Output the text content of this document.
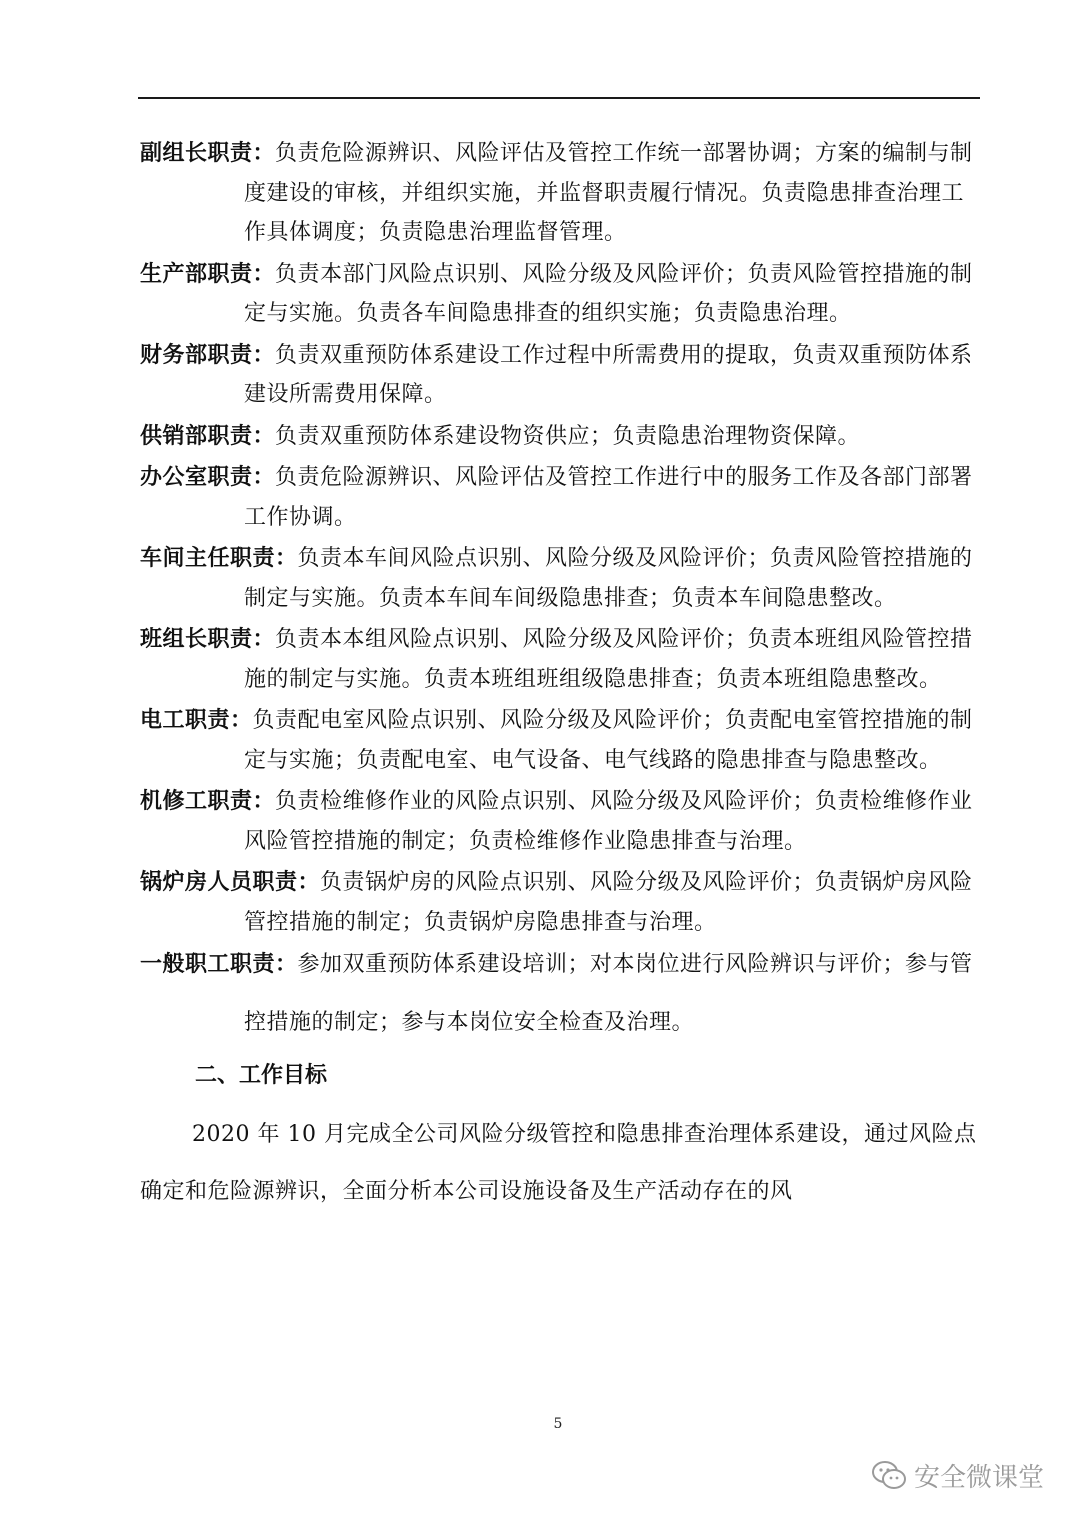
副组长职责：负责危险源辨识、风险评估及管控工作统一部署协调；方案的编制与制度建设的审核，并组织实施，并监督职责履行情况。负责隐患排查治理工作具体调度；负责隐患治理监督管理。
生产部职责：负责本部门风险点识别、风险分级及风险评价；负责风险管控措施的制定与实施。负责各车间隐患排查的组织实施；负责隐患治理。
财务部职责：负责双重预防体系建设工作过程中所需费用的提取，负责双重预防体系建设所需费用保障。
供销部职责：负责双重预防体系建设物资供应；负责隐患治理物资保障。
办公室职责：负责危险源辨识、风险评估及管控工作进行中的服务工作及各部门部署工作协调。
车间主任职责：负责本车间风险点识别、风险分级及风险评价；负责风险管控措施的制定与实施。负责本车间车间级隐患排查；负责本车间隐患整改。
班组长职责：负责本本组风险点识别、风险分级及风险评价；负责本班组风险管控措施的制定与实施。负责本班组班组级隐患排查；负责本班组隐患整改。
电工职责：负责配电室风险点识别、风险分级及风险评价；负责配电室管控措施的制定与实施；负责配电室、电气设备、电气线路的隐患排查与隐患整改。
机修工职责：负责检维修作业的风险点识别、风险分级及风险评价；负责检维修作业风险管控措施的制定；负责检维修作业隐患排查与治理。
锅炉房人员职责：负责锅炉房的风险点识别、风险分级及风险评价；负责锅炉房风险管控措施的制定；负责锅炉房隐患排查与治理。
一般职工职责：参加双重预防体系建设培训；对本岗位进行风险辨识与评价；参与管控措施的制定；参与本岗位安全检查及治理。
二、工作目标
2020 年 10 月完成全公司风险分级管控和隐患排查治理体系建设，通过风险点确定和危险源辨识，全面分析本公司设施设备及生产活动存在的风
5
安全微课堂
